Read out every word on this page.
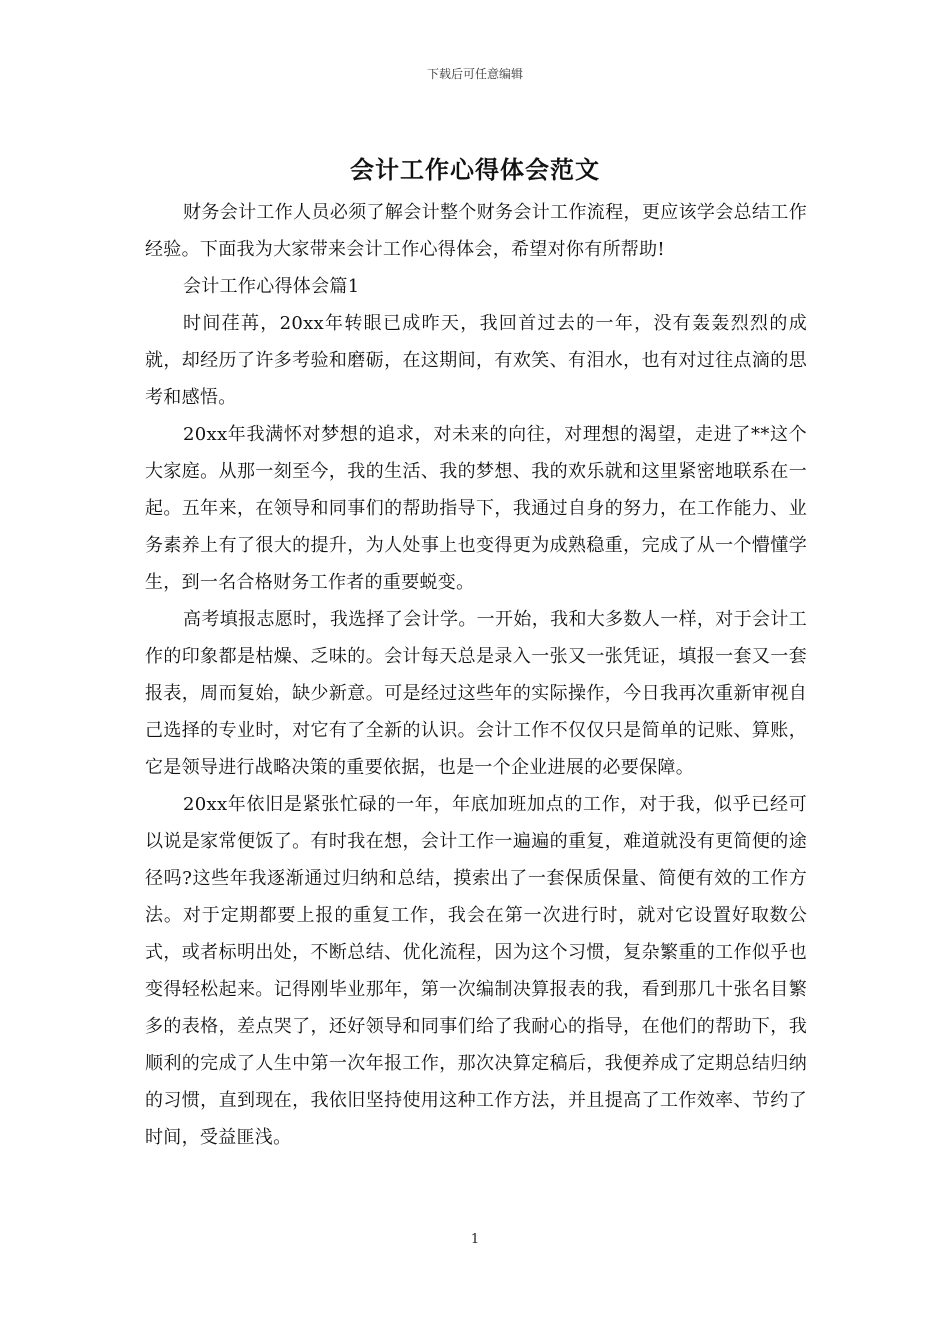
下载后可任意编辑
会计工作心得体会范文

财务会计工作人员必须了解会计整个财务会计工作流程，更应该学会总结工作经验。下面我为大家带来会计工作心得体会，希望对你有所帮助!

会计工作心得体会篇1

时间荏苒，20xx年转眼已成昨天，我回首过去的一年，没有轰轰烈烈的成就，却经历了许多考验和磨砺，在这期间，有欢笑、有泪水，也有对过往点滴的思考和感悟。

20xx年我满怀对梦想的追求，对未来的向往，对理想的渴望，走进了**这个大家庭。从那一刻至今，我的生活、我的梦想、我的欢乐就和这里紧密地联系在一起。五年来，在领导和同事们的帮助指导下，我通过自身的努力，在工作能力、业务素养上有了很大的提升，为人处事上也变得更为成熟稳重，完成了从一个懵懂学生，到一名合格财务工作者的重要蜕变。

高考填报志愿时，我选择了会计学。一开始，我和大多数人一样，对于会计工作的印象都是枯燥、乏味的。会计每天总是录入一张又一张凭证，填报一套又一套报表，周而复始，缺少新意。可是经过这些年的实际操作，今日我再次重新审视自己选择的专业时，对它有了全新的认识。会计工作不仅仅只是简单的记账、算账，它是领导进行战略决策的重要依据，也是一个企业进展的必要保障。

20xx年依旧是紧张忙碌的一年，年底加班加点的工作，对于我，似乎已经可以说是家常便饭了。有时我在想，会计工作一遍遍的重复，难道就没有更简便的途径吗?这些年我逐渐通过归纳和总结，摸索出了一套保质保量、简便有效的工作方法。对于定期都要上报的重复工作，我会在第一次进行时，就对它设置好取数公式，或者标明出处，不断总结、优化流程，因为这个习惯，复杂繁重的工作似乎也变得轻松起来。记得刚毕业那年，第一次编制决算报表的我，看到那几十张名目繁多的表格，差点哭了，还好领导和同事们给了我耐心的指导，在他们的帮助下，我顺利的完成了人生中第一次年报工作，那次决算定稿后，我便养成了定期总结归纳的习惯，直到现在，我依旧坚持使用这种工作方法，并且提高了工作效率、节约了时间，受益匪浅。

1
